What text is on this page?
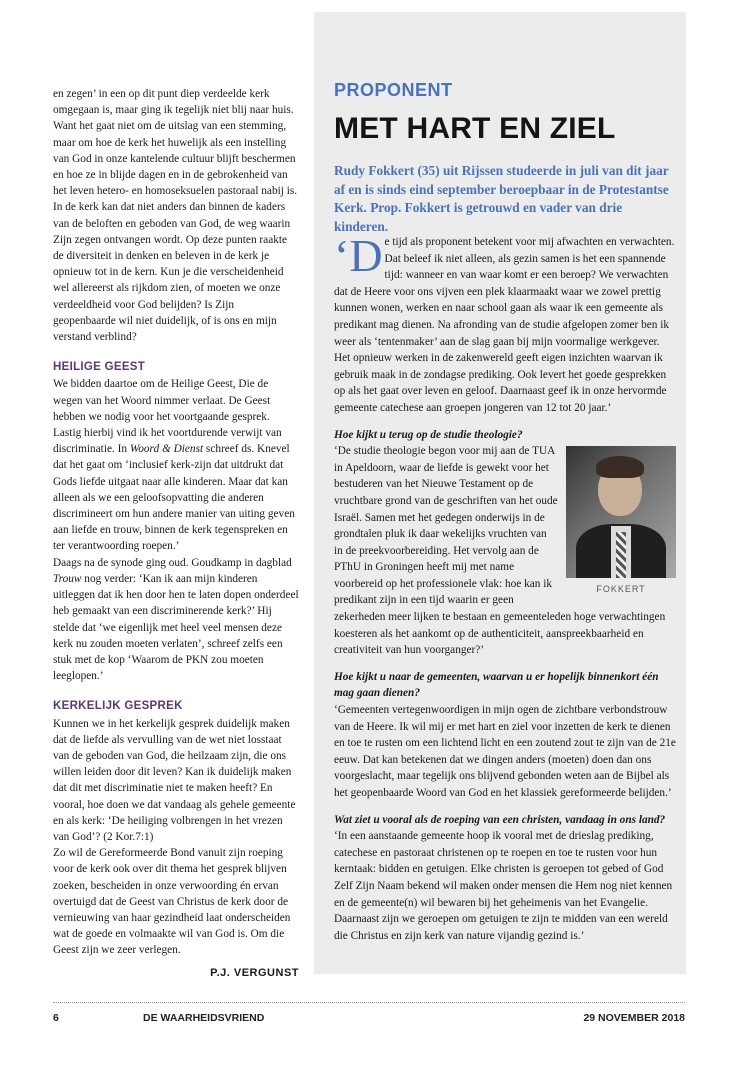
en zegen’ in een op dit punt diep verdeelde kerk omgegaan is, maar ging ik tegelijk niet blij naar huis. Want het gaat niet om de uitslag van een stemming, maar om hoe de kerk het huwelijk als een instelling van God in onze kantelende cultuur blijft beschermen en hoe ze in blijde dagen en in de gebrokenheid van het leven hetero- en homoseksuelen pastoraal nabij is. In de kerk kan dat niet anders dan binnen de kaders van de beloften en geboden van God, de weg waarin Zijn zegen ontvangen wordt. Op deze punten raakte de diversiteit in denken en beleven in de kerk je opnieuw tot in de kern. Kun je die verscheidenheid wel allereerst als rijkdom zien, of moeten we onze verdeeldheid voor God belijden? Is Zijn geopenbaarde wil niet duidelijk, of is ons en mijn verstand verblind?

HEILIGE GEEST

We bidden daartoe om de Heilige Geest, Die de wegen van het Woord nimmer verlaat. De Geest hebben we nodig voor het voortgaande gesprek. Lastig hierbij vind ik het voortdurende verwijt van discriminatie. In Woord & Dienst schreef ds. Knevel dat het gaat om ‘inclusief kerk-zijn dat uitdrukt dat Gods liefde uitgaat naar alle kinderen. Maar dat kan alleen als we een geloofsopvatting die anderen discrimineert om hun andere manier van uiting geven aan liefde en trouw, binnen de kerk tegenspreken en ter verantwoording roepen.’

Daags na de synode ging oud. Goudkamp in dagblad Trouw nog verder: ‘Kan ik aan mijn kinderen uitleggen dat ik hen door hen te laten dopen onderdeel heb gemaakt van een discriminerende kerk?’ Hij stelde dat ‘we eigenlijk met heel veel mensen deze kerk nu zouden moeten verlaten’, schreef zelfs een stuk met de kop ‘Waarom de PKN zou moeten leeglopen.’

KERKELIJK GESPREK

Kunnen we in het kerkelijk gesprek duidelijk maken dat de liefde als vervulling van de wet niet losstaat van de geboden van God, die heilzaam zijn, die ons willen leiden door dit leven? Kan ik duidelijk maken dat dit met discriminatie niet te maken heeft? En vooral, hoe doen we dat vandaag als gehele gemeente en als kerk: ‘De heiliging volbrengen in het vrezen van God’? (2 Kor.7:1)

Zo wil de Gereformeerde Bond vanuit zijn roeping voor de kerk ook over dit thema het gesprek blijven zoeken, bescheiden in onze verwoording én ervan overtuigd dat de Geest van Christus de kerk door de vernieuwing van haar gezindheid laat onderscheiden wat de goede en volmaakte wil van God is. Om die Geest zijn we zeer verlegen.

P.J. VERGUNST
PROPONENT
MET HART EN ZIEL
Rudy Fokkert (35) uit Rijssen studeerde in juli van dit jaar af en is sinds eind september beroepbaar in de Protestantse Kerk. Prop. Fokkert is getrouwd en vader van drie kinderen.

‘De tijd als proponent betekent voor mij afwachten en verwachten. Dat beleef ik niet alleen, als gezin samen is het een spannende tijd: wanneer en van waar komt er een beroep? We verwachten dat de Heere voor ons vijven een plek klaarmaakt waar we zowel prettig kunnen wonen, werken en naar school gaan als waar ik een gemeente als predikant mag dienen. Na afronding van de studie afgelopen zomer ben ik weer als ‘tentenmaker’ aan de slag gaan bij mijn voormalige werkgever. Het opnieuw werken in de zakenwereld geeft eigen inzichten waarvan ik gebruik maak in de zondagse prediking. Ook levert het goede gesprekken op als het gaat over leven en geloof. Daarnaast geef ik in onze hervormde gemeente catechese aan groepen jongeren van 12 tot 20 jaar.’

Hoe kijkt u terug op de studie theologie?
FOKKERT

‘De studie theologie begon voor mij aan de TUA in Apeldoorn, waar de liefde is gewekt voor het bestuderen van het Nieuwe Testament op de vruchtbare grond van de geschriften van het oude Israël. Samen met het gedegen onderwijs in de grondtalen pluk ik daar wekelijks vruchten van in de preekvoorbereiding. Het vervolg aan de PThU in Groningen heeft mij met name voorbereid op het professionele vlak: hoe kan ik predikant zijn in een tijd waarin er geen zekerheden meer lijken te bestaan en gemeenteleden hoge verwachtingen koesteren als het aankomt op de authenticiteit, aanspreekbaarheid en creativiteit van hun voorganger?’

Hoe kijkt u naar de gemeenten, waarvan u er hopelijk binnenkort één mag gaan dienen?

‘Gemeenten vertegenwoordigen in mijn ogen de zichtbare verbondstrouw van de Heere. Ik wil mij er met hart en ziel voor inzetten de kerk te dienen en toe te rusten om een lichtend licht en een zoutend zout te zijn van de 21e eeuw. Dat kan betekenen dat we dingen anders (moeten) doen dan ons voorgeslacht, maar tegelijk ons blijvend gebonden weten aan de Bijbel als het geopenbaarde Woord van God en het klassiek gereformeerde belijden.’

Wat ziet u vooral als de roeping van een christen, vandaag in ons land?

‘In een aanstaande gemeente hoop ik vooral met de drieslag prediking, catechese en pastoraat christenen op te roepen en toe te rusten voor hun kerntaak: bidden en getuigen. Elke christen is geroepen tot gebed of God Zelf Zijn Naam bekend wil maken onder mensen die Hem nog niet kennen en de gemeente(n) wil bewaren bij het geheimenis van het Evangelie. Daarnaast zijn we geroepen om getuigen te zijn te midden van een wereld die Christus en zijn kerk van nature vijandig gezind is.’

6	DE WAARHEIDSVRIEND	29 NOVEMBER 2018
